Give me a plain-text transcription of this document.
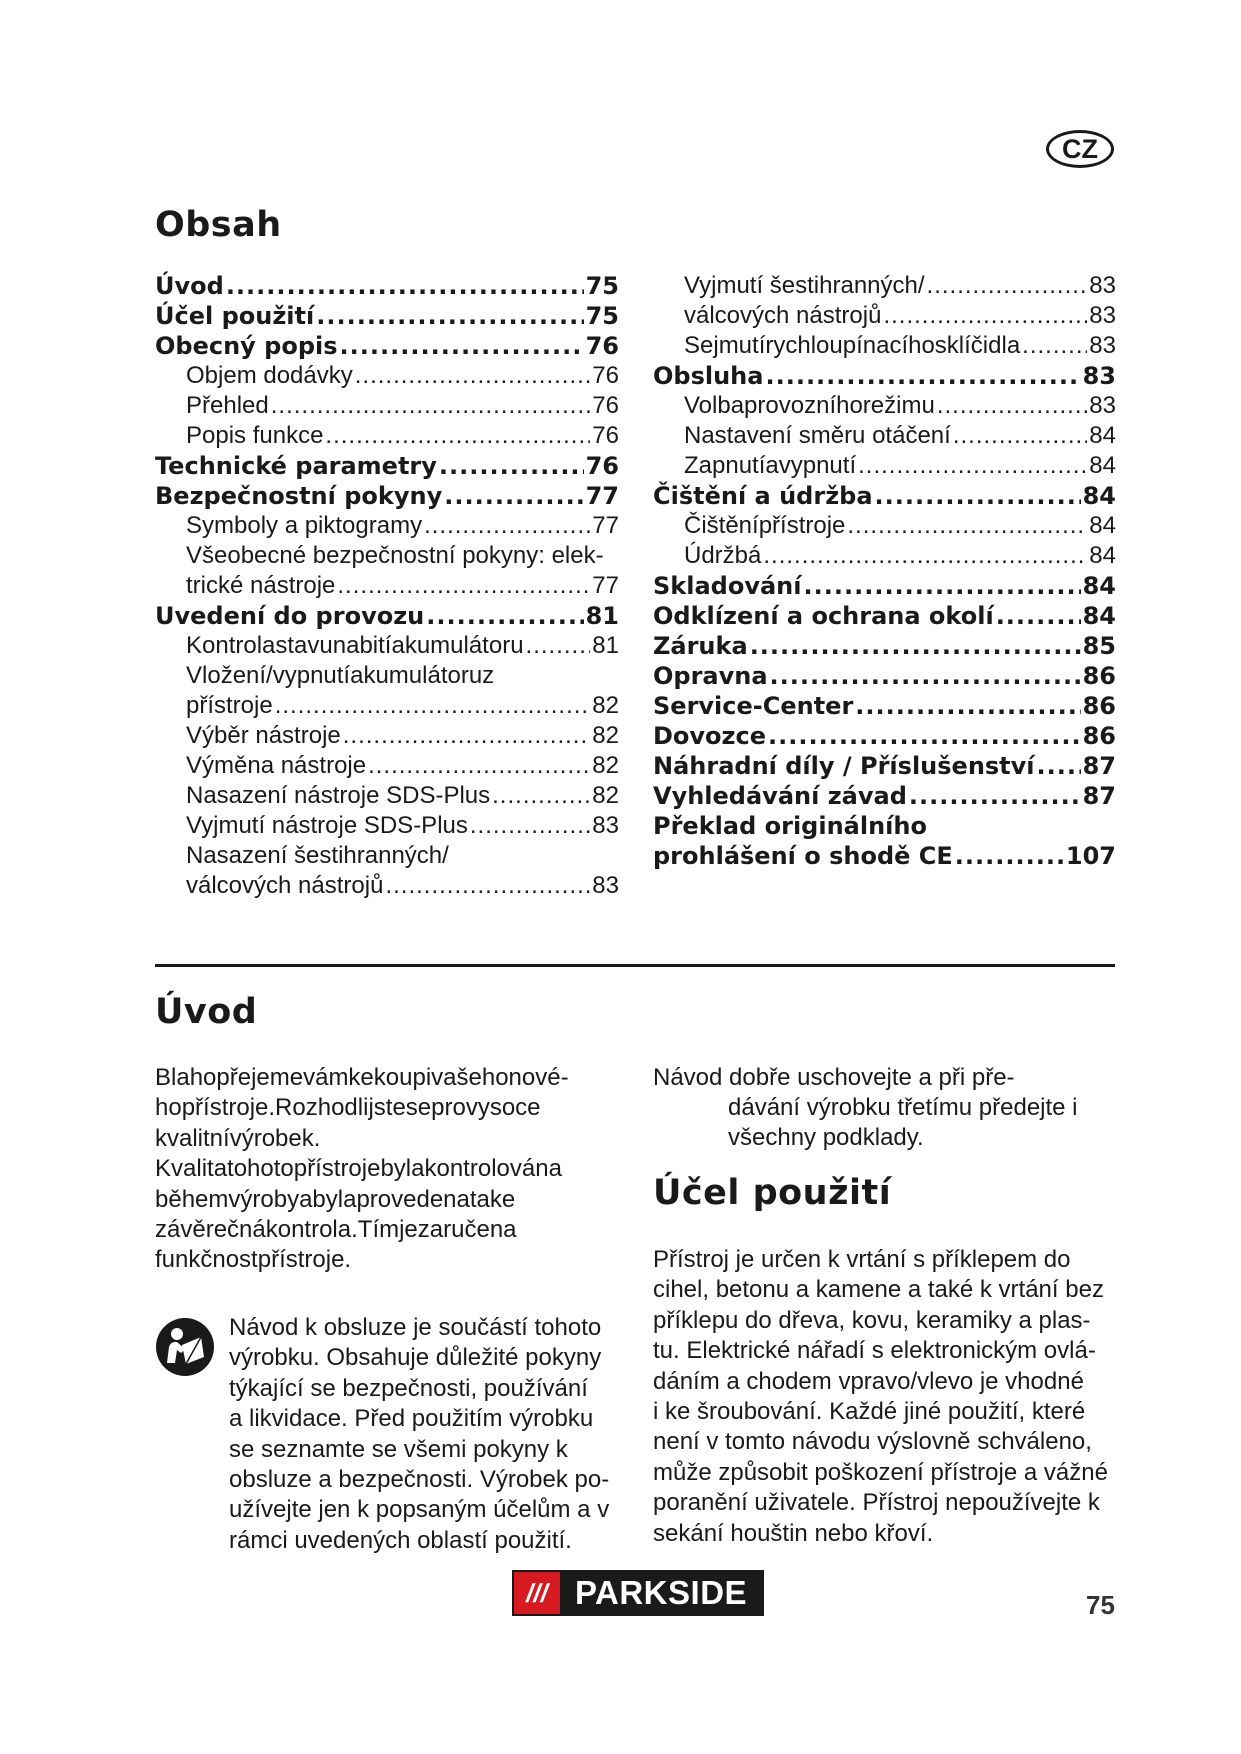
CZ
Obsah
Úvod .....	75
Účel použití .....	75
Obecný popis .....	76
Objem dodávky .....	76
Přehled .....	76
Popis funkce .....	76
Technické parametry .....	76
Bezpečnostní pokyny .....	77
Symboly a piktogramy .....	77
Všeobecné bezpečnostní pokyny: elek-
trické nástroje .....	77
Uvedení do provozu .....	81
Kontrolastavunabitíakumulátoru .....	81
Vložení/vypnutíakumulátoruz
přístroje .....	82
Výběr nástroje .....	82
Výměna nástroje .....	82
Nasazení nástroje SDS-Plus .....	82
Vyjmutí nástroje SDS-Plus .....	83
Nasazení šestihranných/
válcových nástrojů .....	83
Vyjmutí šestihranných/ .....	83
válcových nástrojů .....	83
Sejmutírychloupínacíhosklíčidla .....	83
Obsluha .....	83
Volbaprovozníhorežimu .....	83
Nastavení směru otáčení .....	84
Zapnutíavypnutí .....	84
Čištění a údržba .....	84
Čištěnípřístroje .....	84
Údržbá .....	84
Skladování .....	84
Odklízení a ochrana okolí .....	84
Záruka .....	85
Opravna .....	86
Service-Center .....	86
Dovozce .....	86
Náhradní díly / Příslušenství ..... 87
Vyhledávání závad .....	87
Překlad originálního
prohlášení o shodě CE .....	107
Úvod

Blahopřejemevámkekoupivašehonové-
hopřístroje.Rozhodlijsteseprovysoce
kvalitnívýrobek.
Kvalitatohotopřístrojebylakontrolována
běhemvýrobyabylaprovedenatake
závěrečnákontrola.Tímjezaručena
funkčnostpřístroje.

Návod k obsluze je součástí tohoto
výrobku. Obsahuje důležité pokyny
týkající se bezpečnosti, používání
a likvidace. Před použitím výrobku
se seznamte se všemi pokyny k
obsluze a bezpečnosti. Výrobek po-
užívejte jen k popsaným účelům a v
rámci uvedených oblastí použití.

Návod dobře uschovejte a při pře-

dávání výrobku třetímu předejte i
všechny podklady.

Účel použití

Přístroj je určen k vrtání s příklepem do
cihel, betonu a kamene a také k vrtání bez
příklepu do dřeva, kovu, keramiky a plas-
tu. Elektrické nářadí s elektronickým ovlá-
dáním a chodem vpravo/vlevo je vhodné
i ke šroubování. Každé jiné použití, které
není v tomto návodu výslovně schváleno,
může způsobit poškození přístroje a vážné
poranění uživatele. Přístroj nepoužívejte k
sekání houštin nebo křoví.

/// PARKSIDE	75
